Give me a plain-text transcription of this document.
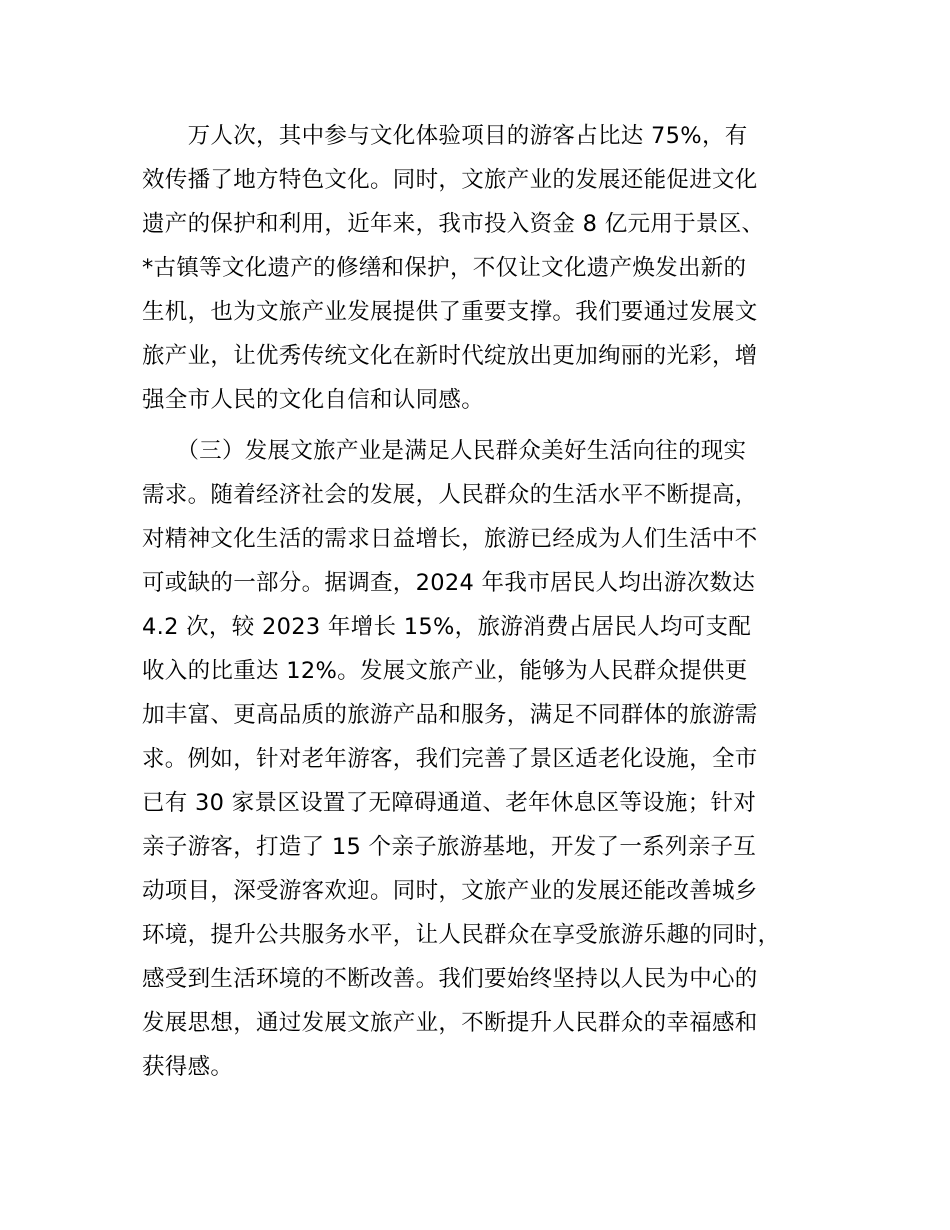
　　万人次，其中参与文化体验项目的游客占比达 75%，有
效传播了地方特色文化。同时，文旅产业的发展还能促进文化
遗产的保护和利用，近年来，我市投入资金 8 亿元用于景区、
*古镇等文化遗产的修缮和保护，不仅让文化遗产焕发出新的
生机，也为文旅产业发展提供了重要支撑。我们要通过发展文
旅产业，让优秀传统文化在新时代绽放出更加绚丽的光彩，增
强全市人民的文化自信和认同感。
　　（三）发展文旅产业是满足人民群众美好生活向往的现实
需求。随着经济社会的发展，人民群众的生活水平不断提高，
对精神文化生活的需求日益增长，旅游已经成为人们生活中不
可或缺的一部分。据调查，2024 年我市居民人均出游次数达
4.2 次，较 2023 年增长 15%，旅游消费占居民人均可支配
收入的比重达 12%。发展文旅产业，能够为人民群众提供更
加丰富、更高品质的旅游产品和服务，满足不同群体的旅游需
求。例如，针对老年游客，我们完善了景区适老化设施，全市
已有 30 家景区设置了无障碍通道、老年休息区等设施；针对
亲子游客，打造了 15 个亲子旅游基地，开发了一系列亲子互
动项目，深受游客欢迎。同时，文旅产业的发展还能改善城乡
环境，提升公共服务水平，让人民群众在享受旅游乐趣的同时，
感受到生活环境的不断改善。我们要始终坚持以人民为中心的
发展思想，通过发展文旅产业，不断提升人民群众的幸福感和
获得感。
